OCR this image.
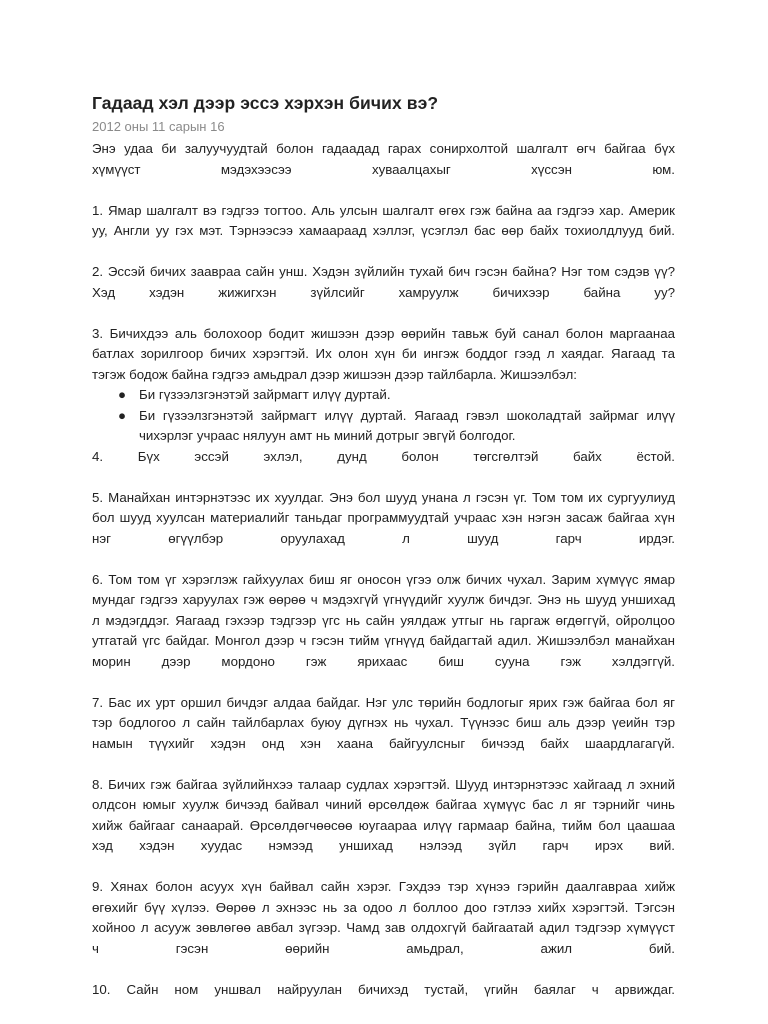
Гадаад хэл дээр эссэ хэрхэн бичих вэ?
2012 оны 11 сарын 16
Энэ удаа би залуучуудтай болон гадаадад гарах сонирхолтой шалгалт өгч байгаа бүх
хүмүүст мэдэхээсээ хуваалцахыг хүссэн юм.
1. Ямар шалгалт вэ гэдгээ тогтоо. Аль улсын шалгалт өгөх гэж байна аа гэдгээ хар. Америк
уу, Англи уу гэх мэт. Тэрнээсээ хамаараад хэллэг, үсэглэл бас өөр байх тохиолдлууд бий.
2. Эссэй бичих заавраа сайн унш. Хэдэн зүйлийн тухай бич гэсэн байна? Нэг том сэдэв үү?
Хэд хэдэн жижигхэн зүйлсийг хамруулж бичихээр байна уу?
3. Бичихдээ аль болохоор бодит жишээн дээр өөрийн тавьж буй санал болон маргаанаа
батлах зорилгоор бичих хэрэгтэй. Их олон хүн би ингэж боддог гээд л хаядаг. Яагаад та
тэгэж бодож байна гэдгээ амьдрал дээр жишээн дээр тайлбарла. Жишээлбэл:
● Би гүзээлзгэнэтэй зайрмагт илүү дуртай.
● Би гүзээлзгэнэтэй зайрмагт илүү дуртай. Яагаад гэвэл шоколадтай зайрмаг илүү
чихэрлэг учраас нялуун амт нь миний дотрыг эвгүй болгодог.
4. Бүх эссэй эхлэл, дунд болон төгсгөлтэй байх ёстой.
5. Манайхан интэрнэтээс их хуулдаг. Энэ бол шууд унана л гэсэн үг. Том том их сургуулиуд
бол шууд хуулсан материалийг таньдаг программуудтай учраас хэн нэгэн засаж байгаа хүн
нэг өгүүлбэр оруулахад л шууд гарч ирдэг.
6. Том том үг хэрэглэж гайхуулах биш яг оносон үгээ олж бичих чухал. Зарим хүмүүс ямар
мундаг гэдгээ харуулах гэж өөрөө ч мэдэхгүй үгнүүдийг хуулж бичдэг. Энэ нь шууд уншихад
л мэдэгддэг. Яагаад гэхээр тэдгээр үгс нь сайн уялдаж утгыг нь гаргаж өгдөггүй, ойролцоо
утгатай үгс байдаг. Монгол дээр ч гэсэн тийм үгнүүд байдагтай адил. Жишээлбэл манайхан
морин дээр мордоно гэж ярихаас биш сууна гэж хэлдэггүй.
7. Бас их урт оршил бичдэг алдаа байдаг. Нэг улс төрийн бодлогыг ярих гэж байгаа бол яг
тэр бодлогоо л сайн тайлбарлах буюу дүгнэх нь чухал. Түүнээс биш аль дээр үеийн тэр
намын түүхийг хэдэн онд хэн хаана байгуулсныг бичээд байх шаардлагагүй.
8. Бичих гэж байгаа зүйлийнхээ талаар судлах хэрэгтэй. Шууд интэрнэтээс хайгаад л эхний
олдсон юмыг хуулж бичээд байвал чиний өрсөлдөж байгаа хүмүүс бас л яг тэрнийг чинь
хийж байгааг санаарай. Өрсөлдөгчөөсөө юугаараа илүү гармаар байна, тийм бол цаашаа
хэд хэдэн хуудас нэмээд уншихад нэлээд зүйл гарч ирэх вий.
9. Хянах болон асуух хүн байвал сайн хэрэг. Гэхдээ тэр хүнээ гэрийн даалгавраа хийж
өгөхийг бүү хүлээ. Өөрөө л эхнээс нь за одоо л боллоо доо гэтлээ хийх хэрэгтэй. Тэгсэн
хойноо л асууж зөвлөгөө авбал зүгээр. Чамд зав олдохгүй байгаатай адил тэдгээр хүмүүст
ч гэсэн өөрийн амьдрал, ажил бий.
10. Сайн ном уншвал найруулан бичихэд тустай, үгийн баялаг ч арвиждаг.
